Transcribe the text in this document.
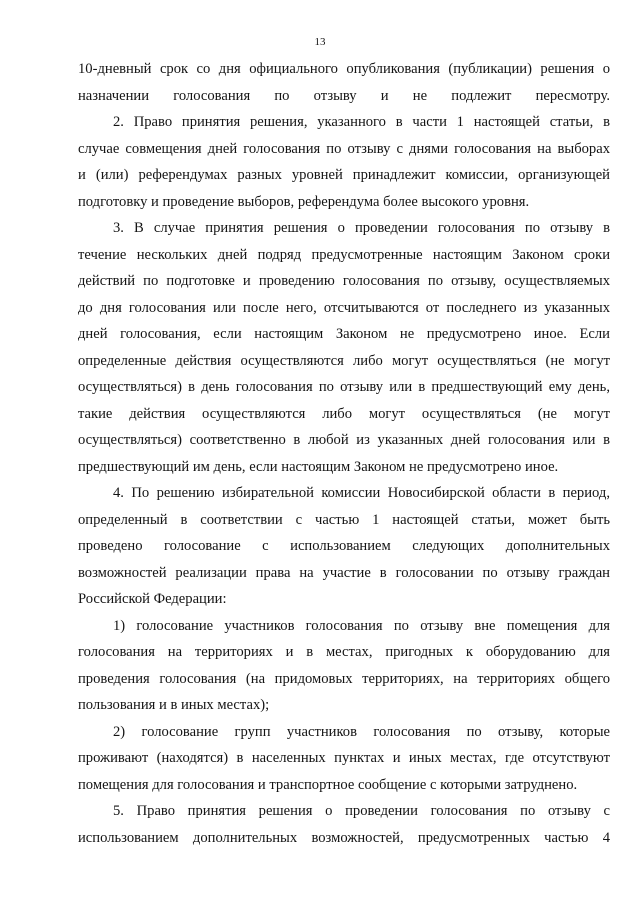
13
10-дневный срок со дня официального опубликования (публикации) решения о
назначении голосования по отзыву и не подлежит пересмотру.
2. Право принятия решения, указанного в части 1 настоящей статьи, в
случае совмещения дней голосования по отзыву с днями голосования на выборах
и (или) референдумах разных уровней принадлежит комиссии, организующей
подготовку и проведение выборов, референдума более высокого уровня.
3. В случае принятия решения о проведении голосования по отзыву в
течение нескольких дней подряд предусмотренные настоящим Законом сроки
действий по подготовке и проведению голосования по отзыву, осуществляемых
до дня голосования или после него, отсчитываются от последнего из указанных
дней голосования, если настоящим Законом не предусмотрено иное. Если
определенные действия осуществляются либо могут осуществляться (не могут
осуществляться) в день голосования по отзыву или в предшествующий ему день,
такие действия осуществляются либо могут осуществляться (не могут
осуществляться) соответственно в любой из указанных дней голосования или в
предшествующий им день, если настоящим Законом не предусмотрено иное.
4. По решению избирательной комиссии Новосибирской области в период,
определенный в соответствии с частью 1 настоящей статьи, может быть
проведено голосование с использованием следующих дополнительных
возможностей реализации права на участие в голосовании по отзыву граждан
Российской Федерации:
1) голосование участников голосования по отзыву вне помещения для
голосования на территориях и в местах, пригодных к оборудованию для
проведения голосования (на придомовых территориях, на территориях общего
пользования и в иных местах);
2) голосование групп участников голосования по отзыву, которые
проживают (находятся) в населенных пунктах и иных местах, где отсутствуют
помещения для голосования и транспортное сообщение с которыми затруднено.
5. Право принятия решения о проведении голосования по отзыву с
использованием дополнительных возможностей, предусмотренных частью 4
